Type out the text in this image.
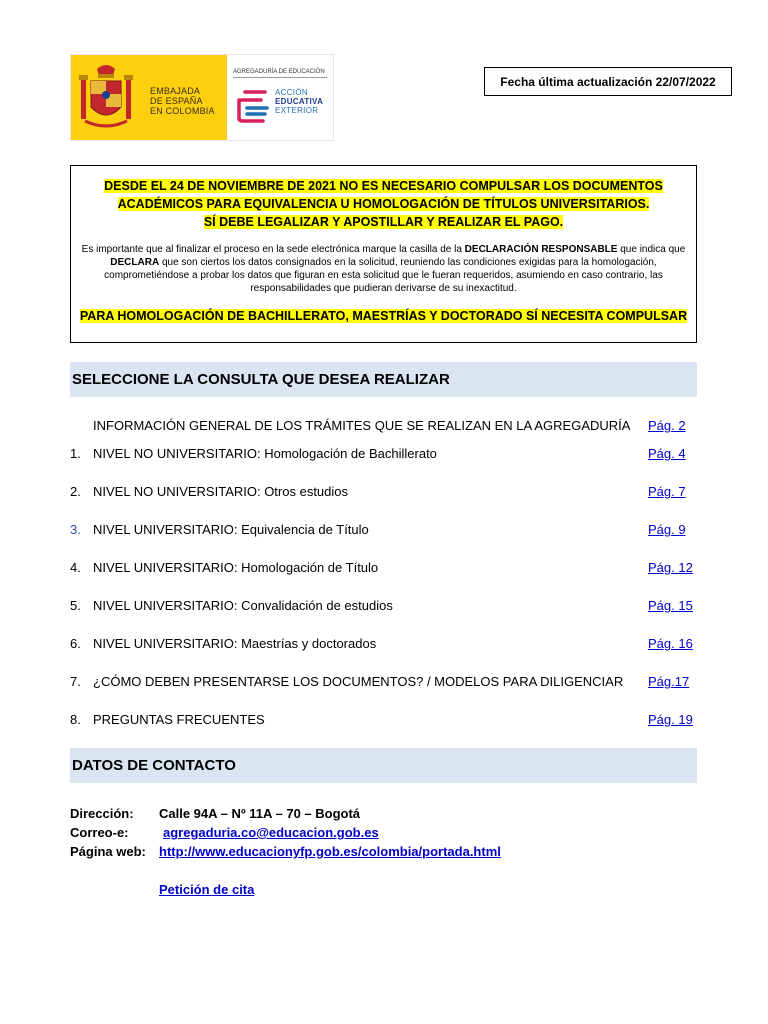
EMBAJADA
DE ESPAÑA
EN COLOMBIA
AGREGADURÍA DE EDUCACIÓN
ACCIÓN
EDUCATIVA
EXTERIOR
Fecha última actualización 22/07/2022
DESDE EL 24 DE NOVIEMBRE DE 2021 NO ES NECESARIO COMPULSAR LOS DOCUMENTOS
ACADÉMICOS PARA EQUIVALENCIA U HOMOLOGACIÓN DE TÍTULOS UNIVERSITARIOS.
SÍ DEBE LEGALIZAR Y APOSTILLAR Y REALIZAR EL PAGO.
Es importante que al finalizar el proceso en la sede electrónica marque la casilla de la DECLARACIÓN RESPONSABLE que indica que DECLARA que son ciertos los datos consignados en la solicitud, reuniendo las condiciones exigidas para la homologación, comprometiéndose a probar los datos que figuran en esta solicitud que le fueran requeridos, asumiendo en caso contrario, las responsabilidades que pudieran derivarse de su inexactitud.
PARA HOMOLOGACIÓN DE BACHILLERATO, MAESTRÍAS Y DOCTORADO SÍ NECESITA COMPULSAR
SELECCIONE LA CONSULTA QUE DESEA REALIZAR
INFORMACIÓN GENERAL DE LOS TRÁMITES QUE SE REALIZAN EN LA AGREGADURÍA Pág. 2
1. NIVEL NO UNIVERSITARIO: Homologación de Bachillerato	Pág. 4
2. NIVEL NO UNIVERSITARIO: Otros estudios	Pág. 7
3. NIVEL UNIVERSITARIO: Equivalencia de Título	Pág. 9
4. NIVEL UNIVERSITARIO: Homologación de Título	Pág. 12
5. NIVEL UNIVERSITARIO: Convalidación de estudios	Pág. 15
6. NIVEL UNIVERSITARIO: Maestrías y doctorados	Pág. 16
7. ¿CÓMO DEBEN PRESENTARSE LOS DOCUMENTOS? / MODELOS PARA DILIGENCIAR Pág.17
8. PREGUNTAS FRECUENTES	Pág. 19
DATOS DE CONTACTO
Dirección: Calle 94A – Nº 11A – 70 – Bogotá
Correo-e:	agregaduria.co@educacion.gob.es
Página web: http://www.educacionyfp.gob.es/colombia/portada.html
Petición de cita
